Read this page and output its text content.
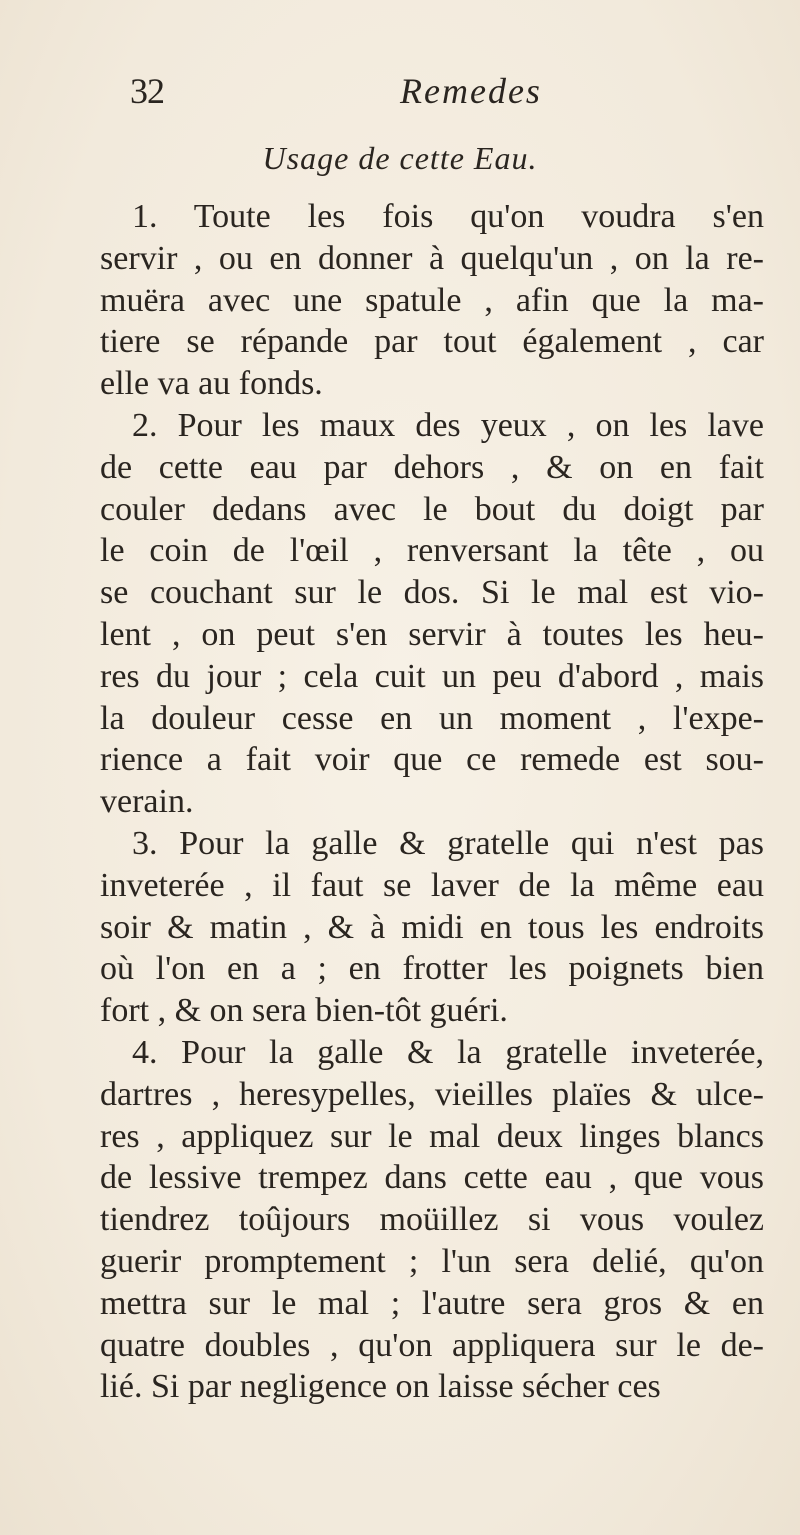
32	Remedes
Usage de cette Eau.
1. Toute les fois qu'on voudra s'en
servir , ou en donner à quelqu'un , on la re-
muëra avec une spatule , afin que la ma-
tiere se répande par tout également , car
elle va au fonds.
2. Pour les maux des yeux , on les lave
de cette eau par dehors , & on en fait
couler dedans avec le bout du doigt par
le coin de l'œil , renversant la tête , ou
se couchant sur le dos. Si le mal est vio-
lent , on peut s'en servir à toutes les heu-
res du jour ; cela cuit un peu d'abord , mais
la douleur cesse en un moment , l'expe-
rience a fait voir que ce remede est sou-
verain.
3. Pour la galle & gratelle qui n'est pas
inveterée , il faut se laver de la même eau
soir & matin , & à midi en tous les endroits
où l'on en a ; en frotter les poignets bien
fort , & on sera bien-tôt guéri.
4. Pour la galle & la gratelle inveterée,
dartres , heresypelles, vieilles plaïes & ulce-
res , appliquez sur le mal deux linges blancs
de lessive trempez dans cette eau , que vous
tiendrez toûjours moüillez si vous voulez
guerir promptement ; l'un sera delié, qu'on
mettra sur le mal ; l'autre sera gros & en
quatre doubles , qu'on appliquera sur le de-
lié. Si par negligence on laisse sécher ces
